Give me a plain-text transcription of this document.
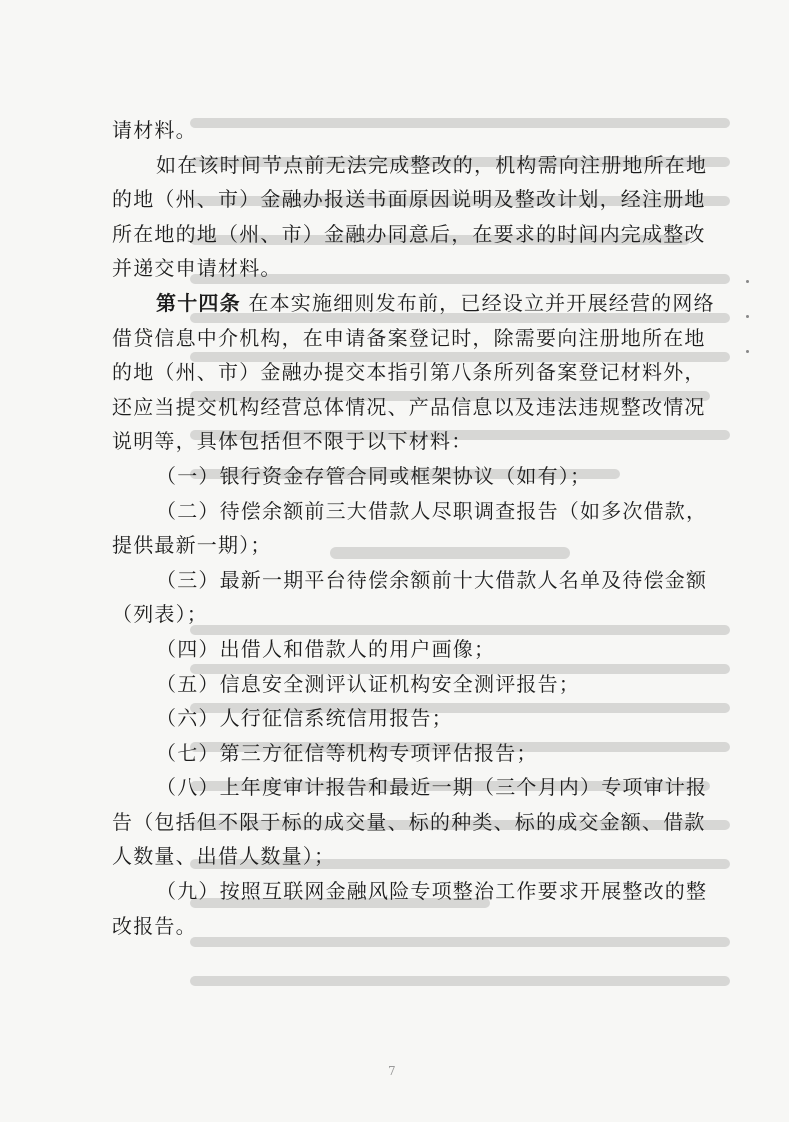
请材料。
如在该时间节点前无法完成整改的，机构需向注册地所在地
的地（州、市）金融办报送书面原因说明及整改计划，经注册地
所在地的地（州、市）金融办同意后，在要求的时间内完成整改
并递交申请材料。
第十四条 在本实施细则发布前，已经设立并开展经营的网络
借贷信息中介机构，在申请备案登记时，除需要向注册地所在地
的地（州、市）金融办提交本指引第八条所列备案登记材料外，
还应当提交机构经营总体情况、产品信息以及违法违规整改情况
说明等，具体包括但不限于以下材料：
（一）银行资金存管合同或框架协议（如有）；
（二）待偿余额前三大借款人尽职调查报告（如多次借款，
提供最新一期）；
（三）最新一期平台待偿余额前十大借款人名单及待偿金额
（列表）；
（四）出借人和借款人的用户画像；
（五）信息安全测评认证机构安全测评报告；
（六）人行征信系统信用报告；
（七）第三方征信等机构专项评估报告；
（八）上年度审计报告和最近一期（三个月内）专项审计报
告（包括但不限于标的成交量、标的种类、标的成交金额、借款
人数量、出借人数量）；
（九）按照互联网金融风险专项整治工作要求开展整改的整
改报告。
7
